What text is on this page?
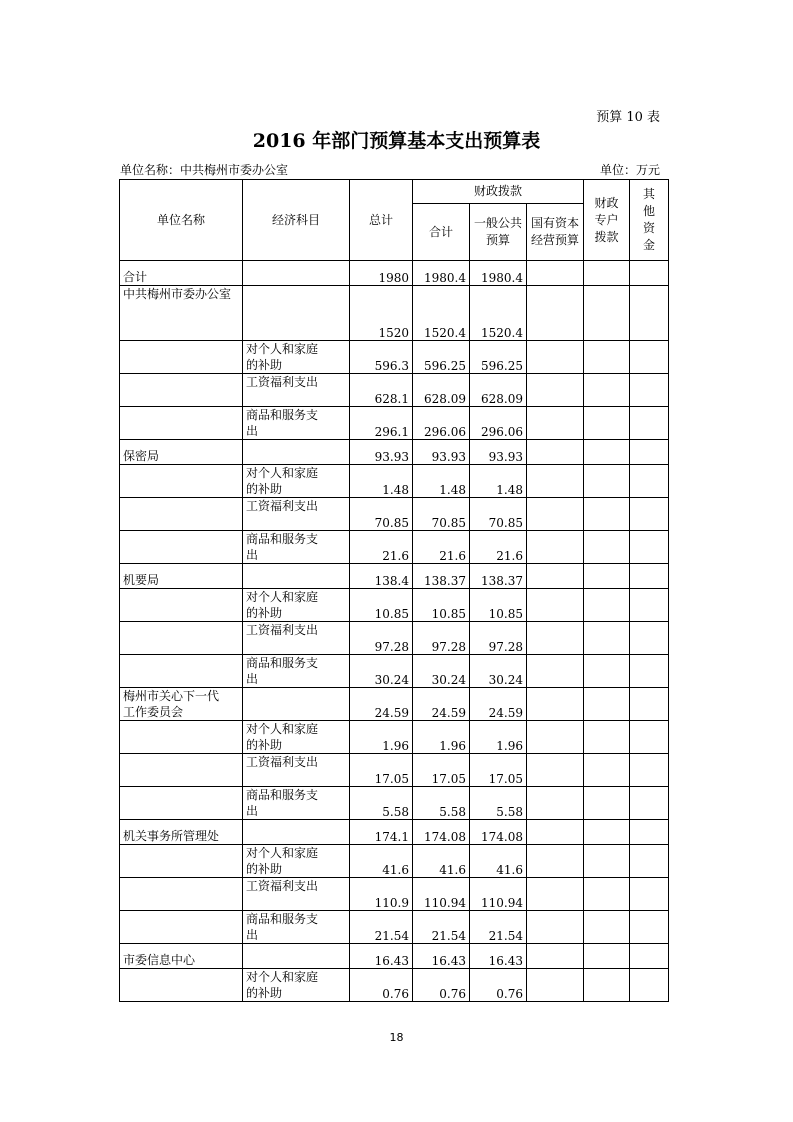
预算 10 表
2016 年部门预算基本支出预算表
单位名称：中共梅州市委办公室	单位：万元
单位名称	经济科目	总计	财政拨款			财政专户拨款	其他资金

			合计	一般公共预算	国有资本经营预算		

合计		1980	1980.4	1980.4			
中共梅州市委办公室		1520	1520.4	1520.4			

	对个人和家庭的补助	596.3	596.25	596.25			

	工资福利支出	628.1	628.09	628.09			

	商品和服务支出	296.1	296.06	296.06			
保密局		93.93	93.93	93.93			

	对个人和家庭的补助	1.48	1.48	1.48			

	工资福利支出	70.85	70.85	70.85			

	商品和服务支出	21.6	21.6	21.6			
机要局		138.4	138.37	138.37			

	对个人和家庭的补助	10.85	10.85	10.85			

	工资福利支出	97.28	97.28	97.28			

	商品和服务支出	30.24	30.24	30.24			

梅州市关心下一代工作委员会		24.59	24.59	24.59			

	对个人和家庭的补助	1.96	1.96	1.96			

	工资福利支出	17.05	17.05	17.05			

	商品和服务支出	5.58	5.58	5.58			
机关事务所管理处		174.1	174.08	174.08			

	对个人和家庭的补助	41.6	41.6	41.6			

	工资福利支出	110.9	110.94	110.94			

	商品和服务支出	21.54	21.54	21.54			
市委信息中心		16.43	16.43	16.43			

	对个人和家庭的补助	0.76	0.76	0.76			
18
